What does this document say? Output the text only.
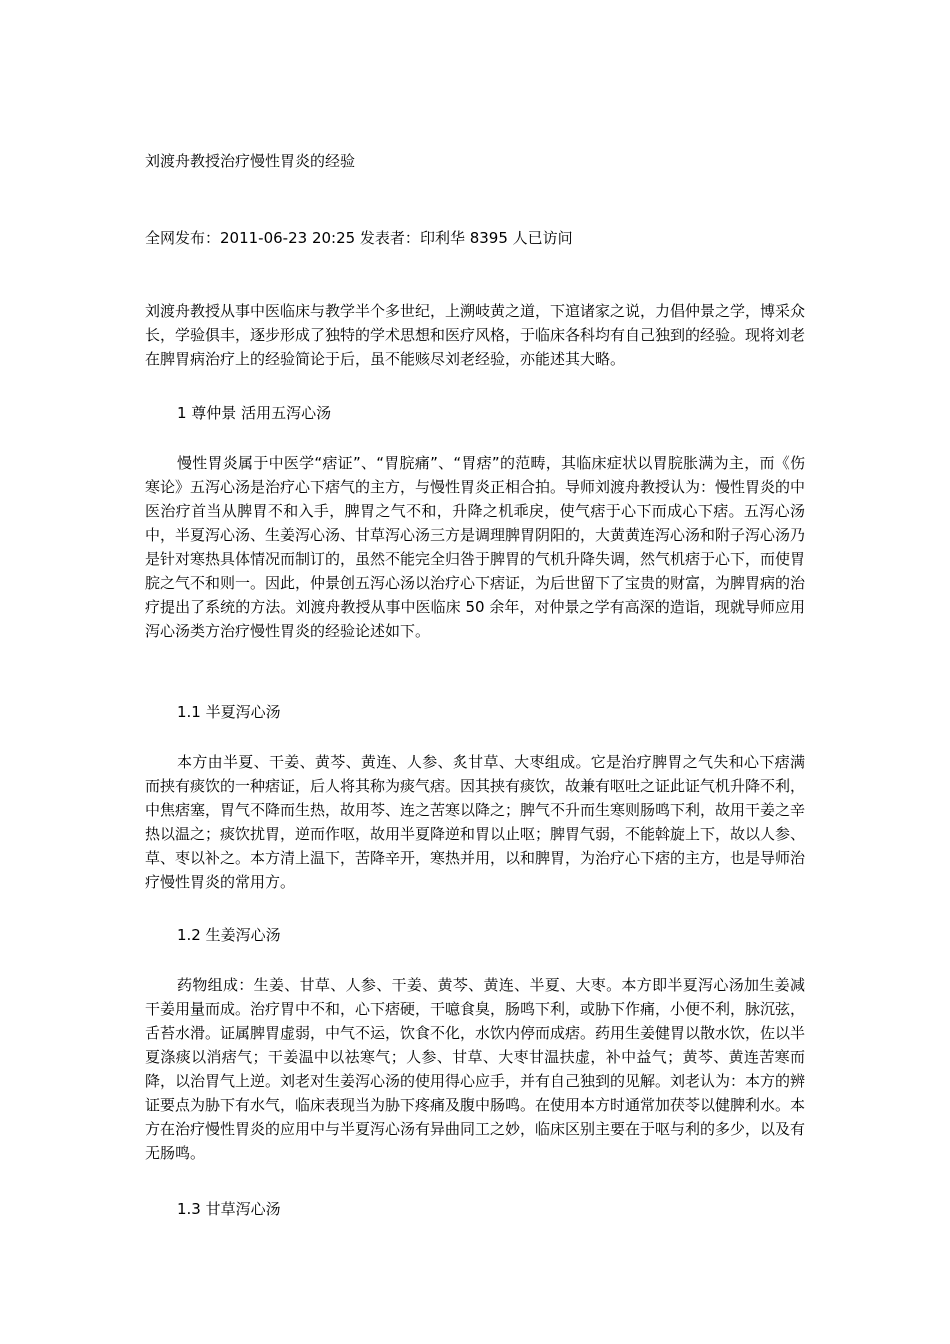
刘渡舟教授治疗慢性胃炎的经验
全网发布：2011-06-23 20:25 发表者：印利华 8395 人已访问

刘渡舟教授从事中医临床与教学半个多世纪，上溯岐黄之道，下逭诸家之说，力倡仲景之学，博采众长，学验俱丰，逐步形成了独特的学术思想和医疗风格，于临床各科均有自己独到的经验。现将刘老在脾胃病治疗上的经验简论于后，虽不能赅尽刘老经验，亦能述其大略。

1 尊仲景 活用五泻心汤

慢性胃炎属于中医学“痞证”、“胃脘痛”、“胃痞”的范畴，其临床症状以胃脘胀满为主，而《伤寒论》五泻心汤是治疗心下痞气的主方，与慢性胃炎正相合拍。导师刘渡舟教授认为：慢性胃炎的中医治疗首当从脾胃不和入手，脾胃之气不和，升降之机乖戾，使气痞于心下而成心下痞。五泻心汤中，半夏泻心汤、生姜泻心汤、甘草泻心汤三方是调理脾胃阴阳的，大黄黄连泻心汤和附子泻心汤乃是针对寒热具体情况而制订的，虽然不能完全归咎于脾胃的气机升降失调，然气机痞于心下，而使胃脘之气不和则一。因此，仲景创五泻心汤以治疗心下痞证，为后世留下了宝贵的财富，为脾胃病的治疗提出了系统的方法。刘渡舟教授从事中医临床 50 余年，对仲景之学有高深的造诣，现就导师应用泻心汤类方治疗慢性胃炎的经验论述如下。

1.1 半夏泻心汤

本方由半夏、干姜、黄芩、黄连、人参、炙甘草、大枣组成。它是治疗脾胃之气失和心下痞满而挟有痰饮的一种痞证，后人将其称为痰气痞。因其挟有痰饮，故兼有呕吐之证此证气机升降不利，中焦痞塞，胃气不降而生热，故用芩、连之苦寒以降之；脾气不升而生寒则肠鸣下利，故用干姜之辛热以温之；痰饮扰胃，逆而作呕，故用半夏降逆和胃以止呕；脾胃气弱，不能斡旋上下，故以人参、草、枣以补之。本方清上温下，苦降辛开，寒热并用，以和脾胃，为治疗心下痞的主方，也是导师治疗慢性胃炎的常用方。

1.2 生姜泻心汤

药物组成：生姜、甘草、人参、干姜、黄芩、黄连、半夏、大枣。本方即半夏泻心汤加生姜减干姜用量而成。治疗胃中不和，心下痞硬，干噫食臭，肠鸣下利，或胁下作痛，小便不利，脉沉弦，舌苔水滑。证属脾胃虚弱，中气不运，饮食不化，水饮内停而成痞。药用生姜健胃以散水饮，佐以半夏涤痰以消痞气；干姜温中以祛寒气；人参、甘草、大枣甘温扶虚，补中益气；黄芩、黄连苦寒而降，以治胃气上逆。刘老对生姜泻心汤的使用得心应手，并有自己独到的见解。刘老认为：本方的辨证要点为胁下有水气，临床表现当为胁下疼痛及腹中肠鸣。在使用本方时通常加茯苓以健脾利水。本方在治疗慢性胃炎的应用中与半夏泻心汤有异曲同工之妙，临床区别主要在于呕与利的多少，以及有无肠鸣。

1.3 甘草泻心汤
